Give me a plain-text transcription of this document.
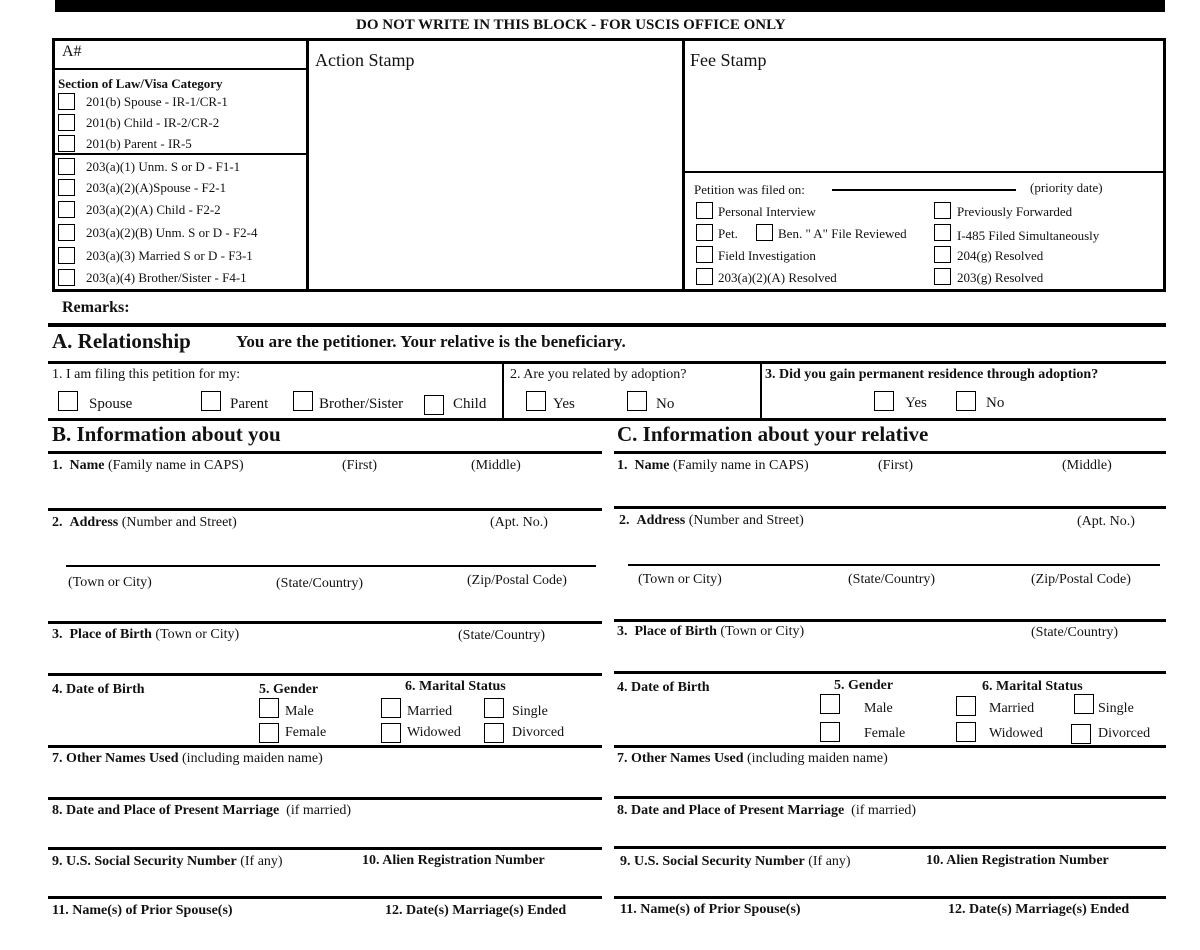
DO NOT WRITE IN THIS BLOCK - FOR USCIS OFFICE ONLY
A#
Section of Law/Visa Category
201(b) Spouse - IR-1/CR-1
201(b) Child - IR-2/CR-2
201(b) Parent - IR-5
203(a)(1) Unm. S or D - F1-1
203(a)(2)(A)Spouse - F2-1
203(a)(2)(A) Child - F2-2
203(a)(2)(B) Unm. S or D - F2-4
203(a)(3) Married S or D - F3-1
203(a)(4) Brother/Sister - F4-1
Action Stamp	Fee Stamp
Petition was filed on:	(priority date)
Personal Interview	Previously Forwarded
Pet.	Ben. " A" File Reviewed	I-485 Filed Simultaneously
Field Investigation	204(g) Resolved
203(a)(2)(A) Resolved	203(g) Resolved
Remarks:
A. Relationship	You are the petitioner. Your relative is the beneficiary.
1. I am filing this petition for my:
Spouse	Parent	Brother/Sister	Child
2. Are you related by adoption?
Yes	No
3. Did you gain permanent residence through adoption?
Yes	No
B. Information about you
1. Name (Family name in CAPS)	(First)	(Middle)
2. Address (Number and Street)	(Apt. No.)
(Town or City)	(State/Country)	(Zip/Postal Code)
3. Place of Birth (Town or City)	(State/Country)
4. Date of Birth	5. Gender
Male
Female
6. Marital Status
Married	Single
Widowed	Divorced
7. Other Names Used (including maiden name)
8. Date and Place of Present Marriage (if married)
9. U.S. Social Security Number (If any)	10. Alien Registration Number
11. Name(s) of Prior Spouse(s)	12. Date(s) Marriage(s) Ended
C. Information about your relative
1. Name (Family name in CAPS)	(First)	(Middle)
2. Address (Number and Street)	(Apt. No.)
(Town or City)	(State/Country)	(Zip/Postal Code)
3. Place of Birth (Town or City)	(State/Country)
4. Date of Birth	5. Gender
Male
Female
6. Marital Status
Married	Single
Widowed	Divorced
7. Other Names Used (including maiden name)
8. Date and Place of Present Marriage (if married)
9. U.S. Social Security Number (If any)	10. Alien Registration Number
11. Name(s) of Prior Spouse(s)	12. Date(s) Marriage(s) Ended
